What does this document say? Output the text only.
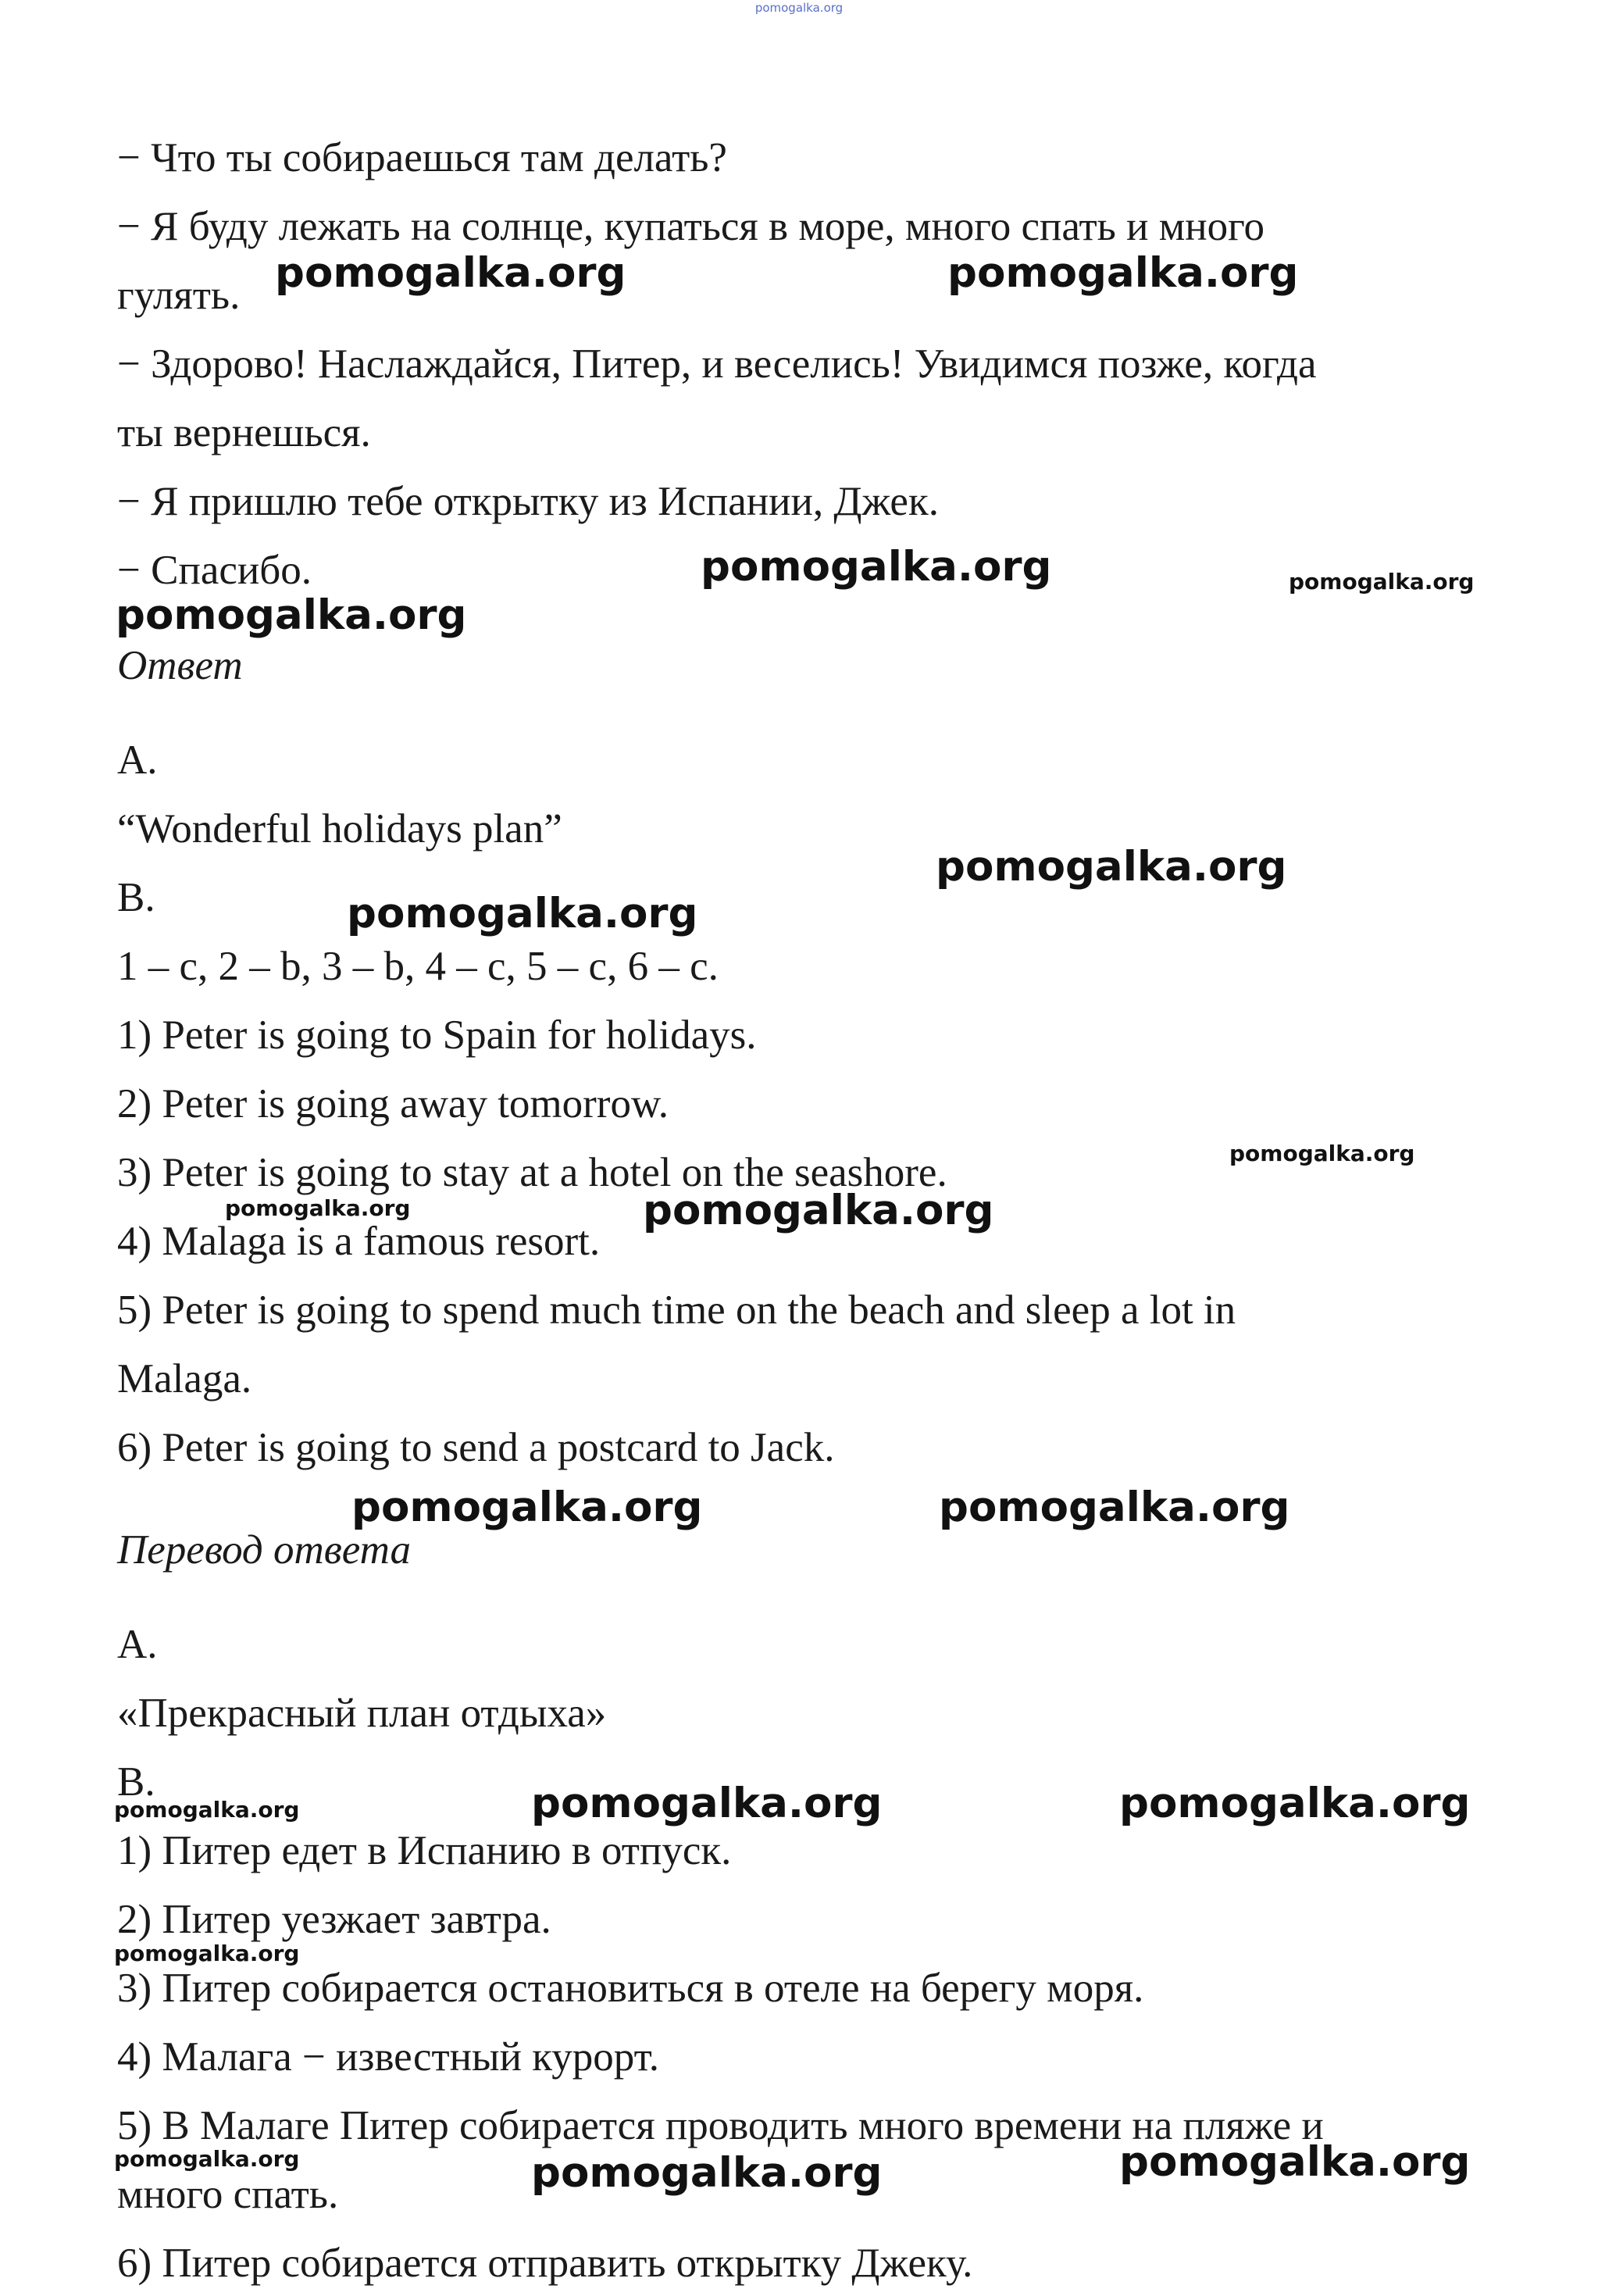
pomogalka.org
− Что ты собираешься там делать?
− Я буду лежать на солнце, купаться в море, много спать и много
гулять.
− Здорово! Наслаждайся, Питер, и веселись! Увидимся позже, когда
ты вернешься.
− Я пришлю тебе открытку из Испании, Джек.
− Спасибо.
Ответ
A.
“Wonderful holidays plan”
B.
1 – c, 2 – b, 3 – b, 4 – c, 5 – c, 6 – c.
1) Peter is going to Spain for holidays.
2) Peter is going away tomorrow.
3) Peter is going to stay at a hotel on the seashore.
4) Malaga is a famous resort.
5) Peter is going to spend much time on the beach and sleep a lot in
Malaga.
6) Peter is going to send a postcard to Jack.
Перевод ответа
A.
«Прекрасный план отдыха»
B.
1) Питер едет в Испанию в отпуск.
2) Питер уезжает завтра.
3) Питер собирается остановиться в отеле на берегу моря.
4) Малага − известный курорт.
5) В Малаге Питер собирается проводить много времени на пляже и
много спать.
6) Питер собирается отправить открытку Джеку.
pomogalka.org	pomogalka.org
pomogalka.org	pomogalka.org
pomogalka.org
pomogalka.org
pomogalka.org
pomogalka.org
pomogalka.org	pomogalka.org
pomogalka.org	pomogalka.org
pomogalka.org	pomogalka.org	pomogalka.org
pomogalka.org
pomogalka.org	pomogalka.org	pomogalka.org
